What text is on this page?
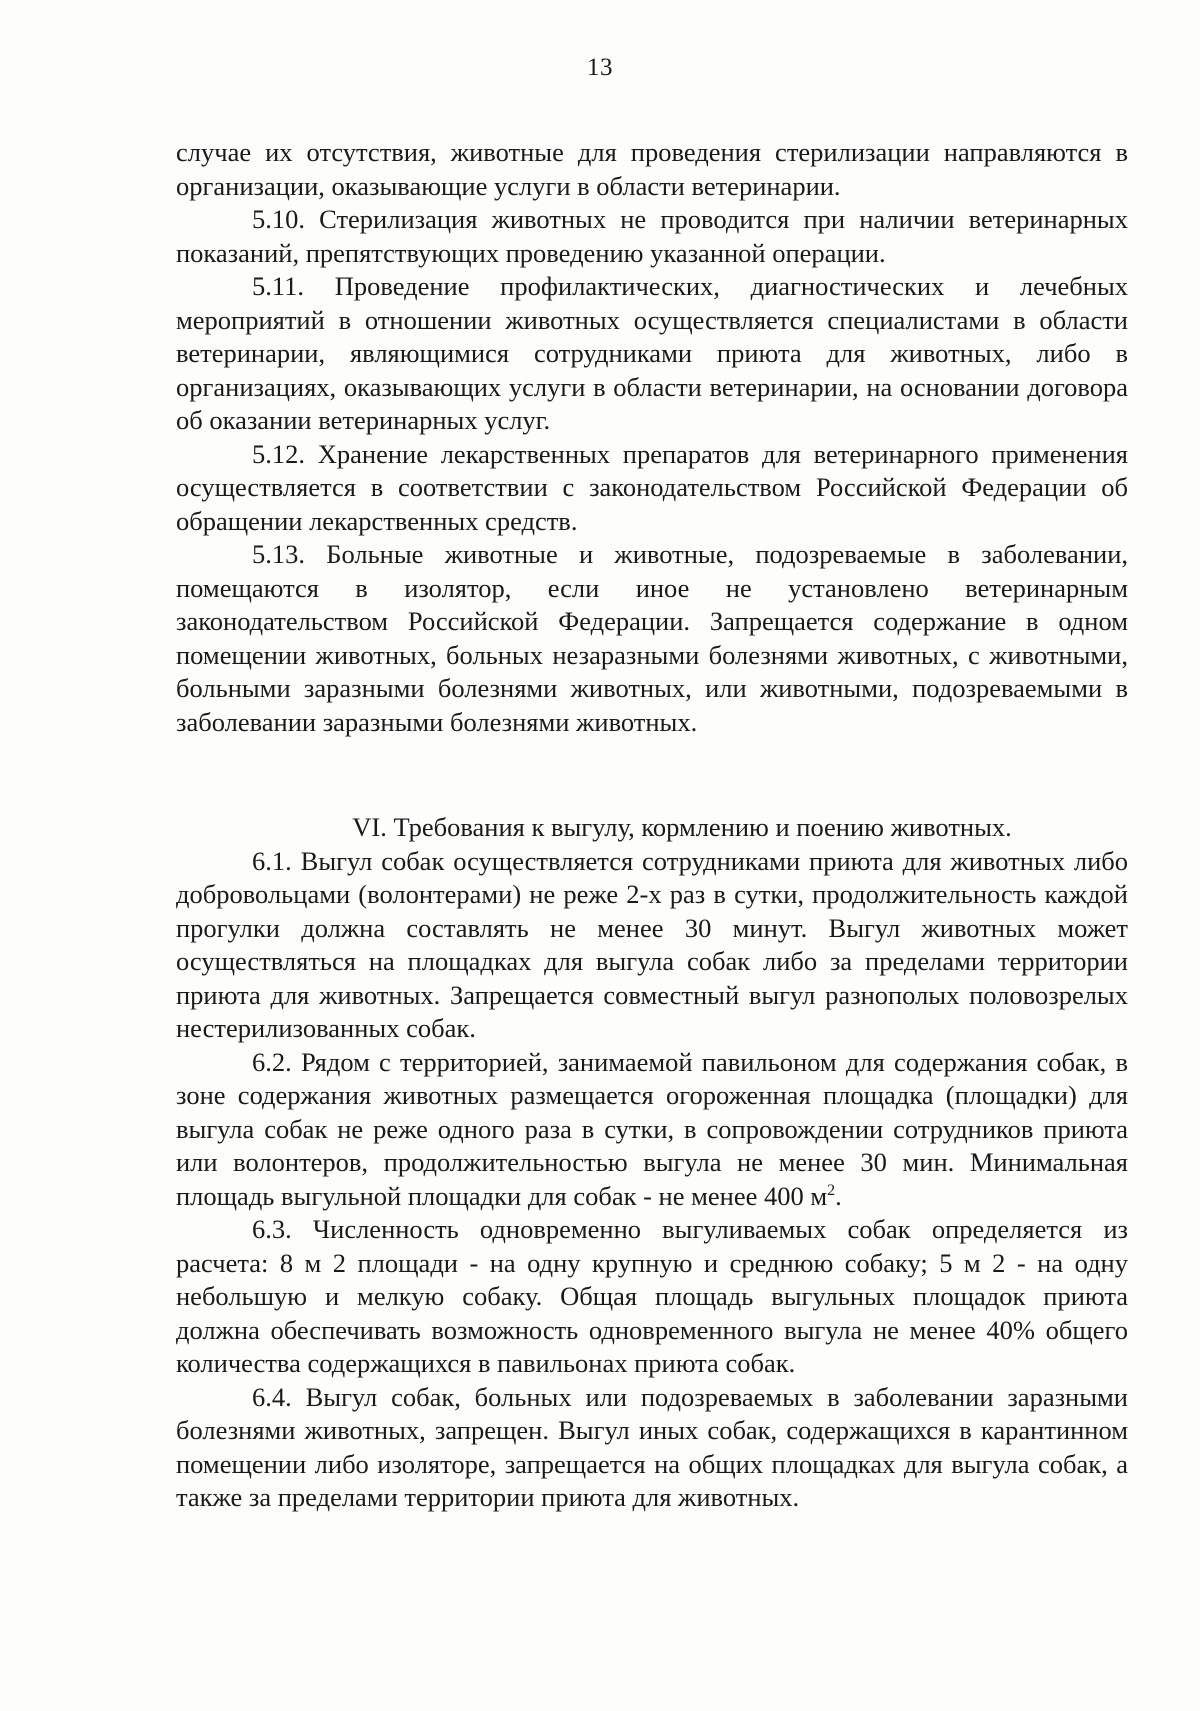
13

случае их отсутствия, животные для проведения стерилизации направляются в организации, оказывающие услуги в области ветеринарии.

5.10. Стерилизация животных не проводится при наличии ветеринарных показаний, препятствующих проведению указанной операции.

5.11. Проведение профилактических, диагностических и лечебных мероприятий в отношении животных осуществляется специалистами в области ветеринарии, являющимися сотрудниками приюта для животных, либо в организациях, оказывающих услуги в области ветеринарии, на основании договора об оказании ветеринарных услуг.

5.12. Хранение лекарственных препаратов для ветеринарного применения осуществляется в соответствии с законодательством Российской Федерации об обращении лекарственных средств.

5.13. Больные животные и животные, подозреваемые в заболевании, помещаются в изолятор, если иное не установлено ветеринарным законодательством Российской Федерации. Запрещается содержание в одном помещении животных, больных незаразными болезнями животных, с животными, больными заразными болезнями животных, или животными, подозреваемыми в заболевании заразными болезнями животных.

VI. Требования к выгулу, кормлению и поению животных.

6.1. Выгул собак осуществляется сотрудниками приюта для животных либо добровольцами (волонтерами) не реже 2-х раз в сутки, продолжительность каждой прогулки должна составлять не менее 30 минут. Выгул животных может осуществляться на площадках для выгула собак либо за пределами территории приюта для животных. Запрещается совместный выгул разнополых половозрелых нестерилизованных собак.

6.2. Рядом с территорией, занимаемой павильоном для содержания собак, в зоне содержания животных размещается огороженная площадка (площадки) для выгула собак не реже одного раза в сутки, в сопровождении сотрудников приюта или волонтеров, продолжительностью выгула не менее 30 мин. Минимальная площадь выгульной площадки для собак - не менее 400 $м^2$.

6.3. Численность одновременно выгуливаемых собак определяется из расчета: 8 м 2 площади - на одну крупную и среднюю собаку; 5 м 2 - на одну небольшую и мелкую собаку. Общая площадь выгульных площадок приюта должна обеспечивать возможность одновременного выгула не менее 40% общего количества содержащихся в павильонах приюта собак.

6.4. Выгул собак, больных или подозреваемых в заболевании заразными болезнями животных, запрещен. Выгул иных собак, содержащихся в карантинном помещении либо изоляторе, запрещается на общих площадках для выгула собак, а также за пределами территории приюта для животных.
